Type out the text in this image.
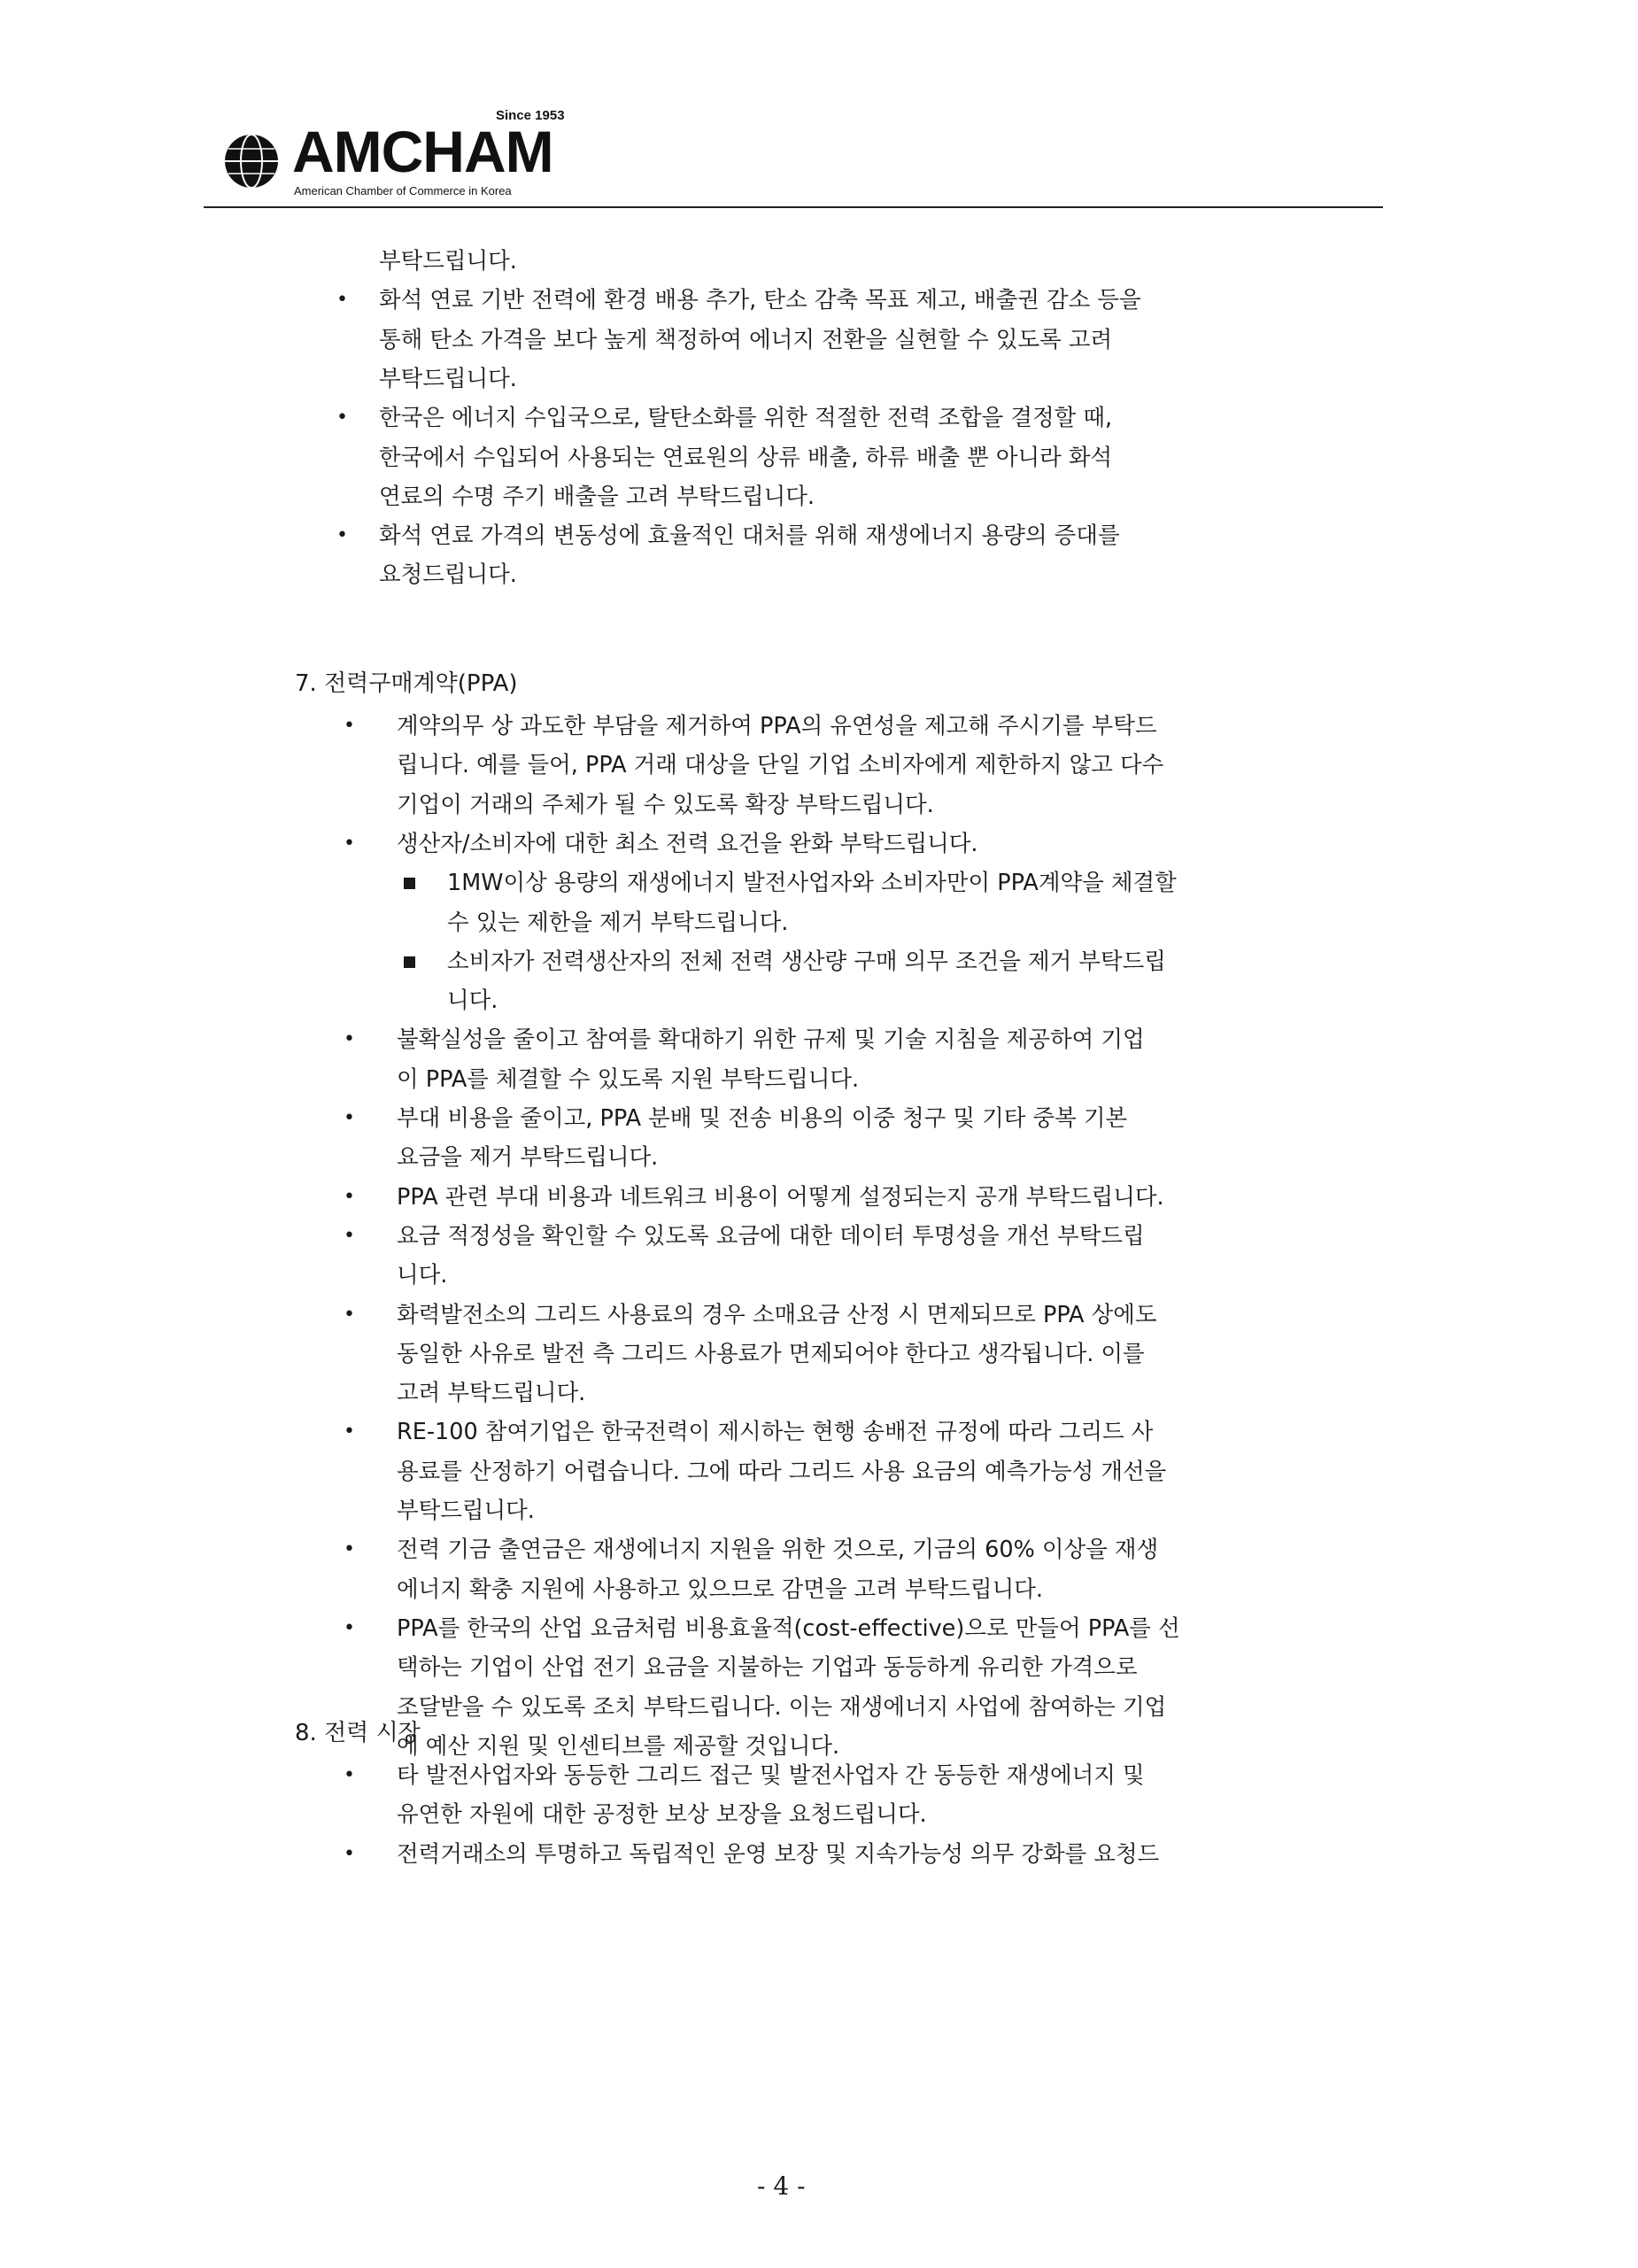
Since 1953
AMCHAM
American Chamber of Commerce in Korea
부탁드립니다.
• 화석 연료 기반 전력에 환경 배용 추가, 탄소 감축 목표 제고, 배출권 감소 등을
통해 탄소 가격을 보다 높게 책정하여 에너지 전환을 실현할 수 있도록 고려
부탁드립니다.
• 한국은 에너지 수입국으로, 탈탄소화를 위한 적절한 전력 조합을 결정할 때,
한국에서 수입되어 사용되는 연료원의 상류 배출, 하류 배출 뿐 아니라 화석
연료의 수명 주기 배출을 고려 부탁드립니다.
• 화석 연료 가격의 변동성에 효율적인 대처를 위해 재생에너지 용량의 증대를
요청드립니다.
7. 전력구매계약(PPA)
• 계약의무 상 과도한 부담을 제거하여 PPA의 유연성을 제고해 주시기를 부탁드
립니다. 예를 들어, PPA 거래 대상을 단일 기업 소비자에게 제한하지 않고 다수
기업이 거래의 주체가 될 수 있도록 확장 부탁드립니다.
• 생산자/소비자에 대한 최소 전력 요건을 완화 부탁드립니다.
1MW이상 용량의 재생에너지 발전사업자와 소비자만이 PPA계약을 체결할
수 있는 제한을 제거 부탁드립니다.
소비자가 전력생산자의 전체 전력 생산량 구매 의무 조건을 제거 부탁드립
니다.
• 불확실성을 줄이고 참여를 확대하기 위한 규제 및 기술 지침을 제공하여 기업
이 PPA를 체결할 수 있도록 지원 부탁드립니다.
• 부대 비용을 줄이고, PPA 분배 및 전송 비용의 이중 청구 및 기타 중복 기본
요금을 제거 부탁드립니다.
• PPA 관련 부대 비용과 네트워크 비용이 어떻게 설정되는지 공개 부탁드립니다.
• 요금 적정성을 확인할 수 있도록 요금에 대한 데이터 투명성을 개선 부탁드립
니다.
• 화력발전소의 그리드 사용료의 경우 소매요금 산정 시 면제되므로 PPA 상에도
동일한 사유로 발전 측 그리드 사용료가 면제되어야 한다고 생각됩니다. 이를
고려 부탁드립니다.
• RE-100 참여기업은 한국전력이 제시하는 현행 송배전 규정에 따라 그리드 사
용료를 산정하기 어렵습니다. 그에 따라 그리드 사용 요금의 예측가능성 개선을
부탁드립니다.
• 전력 기금 출연금은 재생에너지 지원을 위한 것으로, 기금의 60% 이상을 재생
에너지 확충 지원에 사용하고 있으므로 감면을 고려 부탁드립니다.
• PPA를 한국의 산업 요금처럼 비용효율적(cost-effective)으로 만들어 PPA를 선
택하는 기업이 산업 전기 요금을 지불하는 기업과 동등하게 유리한 가격으로
조달받을 수 있도록 조치 부탁드립니다. 이는 재생에너지 사업에 참여하는 기업
에 예산 지원 및 인센티브를 제공할 것입니다.
8. 전력 시장
• 타 발전사업자와 동등한 그리드 접근 및 발전사업자 간 동등한 재생에너지 및
유연한 자원에 대한 공정한 보상 보장을 요청드립니다.
• 전력거래소의 투명하고 독립적인 운영 보장 및 지속가능성 의무 강화를 요청드
- 4 -
